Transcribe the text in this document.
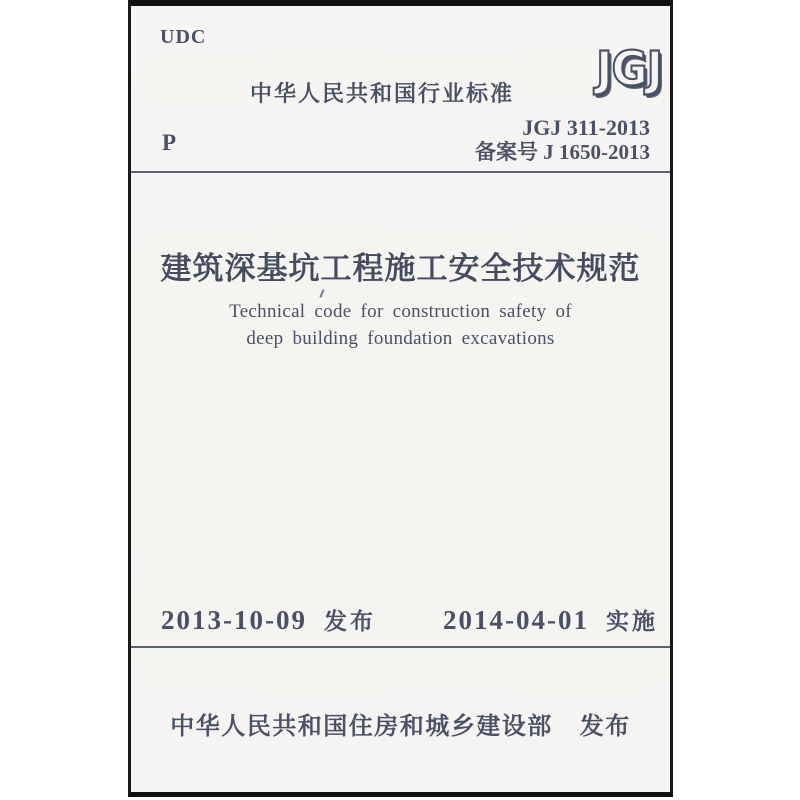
UDC
中华人民共和国行业标准 JGJ
JGJ 311-2013
备案号 J 1650-2013
P
建筑深基坑工程施工安全技术规范
Technical code for construction safety of
deep building foundation excavations
2013-10-09 发布 2014-04-01 实施
中华人民共和国住房和城乡建设部 发布
